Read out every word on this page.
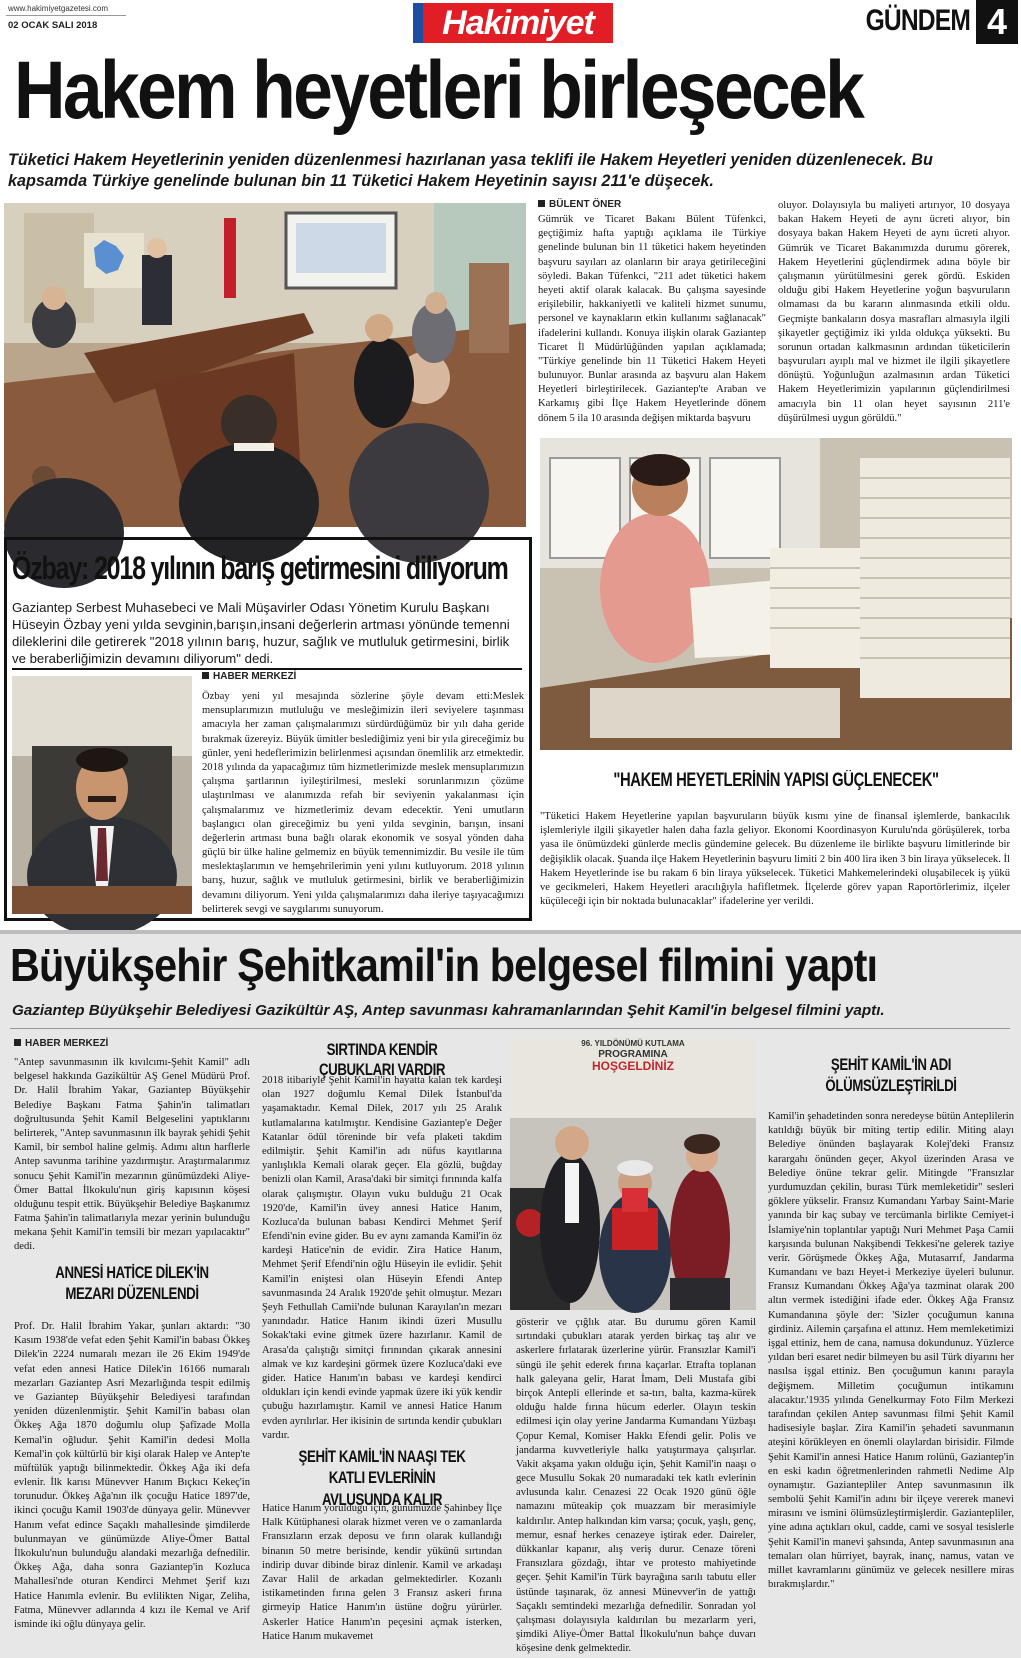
www.hakimiyetgazetesi.com
02 OCAK SALI 2018	Hakimiyet	GÜNDEM 4
Hakem heyetleri birleşecek
Tüketici Hakem Heyetlerinin yeniden düzenlenmesi hazırlanan yasa teklifi ile Hakem Heyetleri yeniden düzenlenecek. Bu kapsamda Türkiye genelinde bulunan bin 11 Tüketici Hakem Heyetinin sayısı 211'e düşecek.
BÜLENT ÖNER
Gümrük ve Ticaret Bakanı Bülent Tüfenkci, geçtiğimiz hafta yaptığı açıklama ile Türkiye genelinde bulunan bin 11 tüketici hakem heyetinden başvuru sayıları az olanların bir araya getirileceğini söyledi. Bakan Tüfenkci, "211 adet tüketici hakem heyeti aktif olarak kalacak. Bu çalışma sayesinde erişilebilir, hakkaniyetli ve kaliteli hizmet sunumu, personel ve kaynakların etkin kullanımı sağlanacak" ifadelerini kullandı. Konuya ilişkin olarak Gaziantep Ticaret İl Müdürlüğünden yapılan açıklamada; "Türkiye genelinde bin 11 Tüketici Hakem Heyeti bulunuyor. Bunlar arasında az başvuru alan Hakem Heyetleri birleştirilecek. Gaziantep'te Araban ve Karkamış gibi İlçe Hakem Heyetlerinde dönem dönem 5 ila 10 arasında değişen miktarda başvuru
oluyor. Dolayısıyla bu maliyeti artırıyor, 10 dosyaya bakan Hakem Heyeti de aynı ücreti alıyor, bin dosyaya bakan Hakem Heyeti de aynı ücreti alıyor. Gümrük ve Ticaret Bakanımızda durumu görerek, Hakem Heyetlerini güçlendirmek adına böyle bir çalışmanın yürütülmesini gerek gördü. Eskiden olduğu gibi Hakem Heyetlerine yoğun başvuruların olmaması da bu kararın alınmasında etkili oldu. Geçmişte bankaların dosya masrafları almasıyla ilgili şikayetler geçtiğimiz iki yılda oldukça yüksekti. Bu sorunun ortadan kalkmasının ardından tüketicilerin başvuruları ayıplı mal ve hizmet ile ilgili şikayetlere dönüştü. Yoğunluğun azalmasının ardan Tüketici Hakem Heyetlerimizin yapılarının güçlendirilmesi amacıyla bin 11 olan heyet sayısının 211'e düşürülmesi uygun görüldü."
"HAKEM HEYETLERİNİN YAPISI GÜÇLENECEK"
"Tüketici Hakem Heyetlerine yapılan başvuruların büyük kısmı yine de finansal işlemlerde, bankacılık işlemleriyle ilgili şikayetler halen daha fazla geliyor. Ekonomi Koordinasyon Kurulu'nda görüşülerek, torba yasa ile önümüzdeki günlerde meclis gündemine gelecek. Bu düzenleme ile birlikte başvuru limitlerinde bir değişiklik olacak. Şuanda ilçe Hakem Heyetlerinin başvuru limiti 2 bin 400 lira iken 3 bin liraya yükselecek. İl Hakem Heyetlerinde ise bu rakam 6 bin liraya yükselecek. Tüketici Mahkemelerindeki oluşabilecek iş yükü ve gecikmeleri, Hakem Heyetleri aracılığıyla hafifletmek. İlçelerde görev yapan Raportörlerimiz, ilçeler küçüleceği için bir noktada bulunacaklar" ifadelerine yer verildi.
Özbay: 2018 yılının barış getirmesini diliyorum
Gaziantep Serbest Muhasebeci ve Mali Müşavirler Odası Yönetim Kurulu Başkanı Hüseyin Özbay yeni yılda sevginin,barışın,insani değerlerin artması yönünde temenni dileklerini dile getirerek "2018 yılının barış, huzur, sağlık ve mutluluk getirmesini, birlik ve beraberliğimizin devamını diliyorum" dedi.
HABER MERKEZİ
Özbay yeni yıl mesajında sözlerine şöyle devam etti:Meslek mensuplarımızın mutluluğu ve mesleğimizin ileri seviyelere taşınması amacıyla her zaman çalışmalarımızı sürdürdüğümüz bir yılı daha geride bırakmak üzereyiz. Büyük ümitler beslediğimiz yeni bir yıla gireceğimiz bu günler, yeni hedeflerimizin belirlenmesi açısından önemlilik arz etmektedir. 2018 yılında da yapacağımız tüm hizmetlerimizde meslek mensuplarımızın çalışma şartlarının iyileştirilmesi, mesleki sorunlarımızın çözüme ulaştırılması ve alanımızda refah bir seviyenin yakalanması için çalışmalarımız ve hizmetlerimiz devam edecektir. Yeni umutların başlangıcı olan gireceğimiz bu yeni yılda sevginin, barışın, insani değerlerin artması buna bağlı olarak ekonomik ve sosyal yönden daha güçlü bir ülke haline gelmemiz en büyük temennimizdir. Bu vesile ile tüm meslektaşlarımın ve hemşehrilerimin yeni yılını kutluyorum. 2018 yılının barış, huzur, sağlık ve mutluluk getirmesini, birlik ve beraberliğimizin devamını diliyorum. Yeni yılda çalışmalarımızı daha ileriye taşıyacağımızı belirterek sevgi ve saygılarımı sunuyorum.
Büyükşehir Şehitkamil'in belgesel filmini yaptı
Gaziantep Büyükşehir Belediyesi Gazikültür AŞ, Antep savunması kahramanlarından Şehit Kamil'in belgesel filmini yaptı.
HABER MERKEZİ
"Antep savunmasının ilk kıvılcımı-Şehit Kamil" adlı belgesel hakkında Gazikültür AŞ Genel Müdürü Prof. Dr. Halil İbrahim Yakar, Gaziantep Büyükşehir Belediye Başkanı Fatma Şahin'in talimatları doğrultusunda Şehit Kamil Belgeselini yaptıklarını belirterek, "Antep savunmasının ilk bayrak şehidi Şehit Kamil, bir sembol haline gelmiş. Adımı altın harflerle Antep savunma tarihine yazdırmıştır. Araştırmalarımız sonucu Şehit Kamil'in mezarının günümüzdeki Aliye-Ömer Battal İlkokulu'nun giriş kapısının köşesi olduğunu tespit ettik. Büyükşehir Belediye Başkanımız Fatma Şahin'in talimatlarıyla mezar yerinin bulunduğu mekana Şehit Kamil'in temsili bir mezarı yapılacaktır" dedi.
ANNESİ HATİCE DİLEK'İN MEZARI DÜZENLENDİ
Prof. Dr. Halil İbrahim Yakar, şunları aktardı: "30 Kasım 1938'de vefat eden Şehit Kamil'in babası Ökkeş Dilek'in 2224 numaralı mezarı ile 26 Ekim 1949'de vefat eden annesi Hatice Dilek'in 16166 numaralı mezarları Gaziantep Asri Mezarlığında tespit edilmiş ve Gaziantep Büyükşehir Belediyesi tarafından yeniden düzenlenmiştir. Şehit Kamil'in babası olan Ökkeş Ağa 1870 doğumlu olup Şafîzade Molla Kemal'in oğludur. Şehit Kamil'in dedesi Molla Kemal'in çok kültürlü bir kişi olarak Halep ve Antep'te müftülük yaptığı bilinmektedir. Ökkeş Ağa iki defa evlenir. İlk karısı Münevver Hanım Bıçkıcı Kekeç'in torunudur. Ökkeş Ağa'nın ilk çocuğu Hatice 1897'de, ikinci çocuğu Kamil 1903'de dünyaya gelir. Münevver Hanım vefat edince Saçaklı mahallesinde şimdilerde bulunmayan ve günümüzde Aliye-Ömer Battal İlkokulu'nun bulunduğu alandaki mezarlığa defnedilir. Ökkeş Ağa, daha sonra Gaziantep'in Kozluca Mahallesi'nde oturan Kendirci Mehmet Şerif kızı Hatice Hanımla evlenir. Bu evlilikten Nigar, Zeliha, Fatma, Münevver adlarında 4 kızı ile Kemal ve Arif isminde iki oğlu dünyaya gelir.
SIRTINDA KENDİR ÇUBUKLARI VARDIR
2018 itibariyle Şehit Kamil'in hayatta kalan tek kardeşi olan 1927 doğumlu Kemal Dilek İstanbul'da yaşamaktadır. Kemal Dilek, 2017 yılı 25 Aralık kutlamalarına katılmıştır. Kendisine Gaziantep'e Değer Katanlar ödül töreninde bir vefa plaketi takdim edilmiştir. Şehit Kamil'in adı nüfus kayıtlarına yanlışlıkla Kemali olarak geçer. Ela gözlü, buğday benizli olan Kamil, Arasa'daki bir simitçi fırınında kalfa olarak çalışmıştır. Olayın vuku bulduğu 21 Ocak 1920'de, Kamil'in üvey annesi Hatice Hanım, Kozluca'da bulunan babası Kendirci Mehmet Şerif Efendi'nin evine gider. Bu ev aynı zamanda Kamil'in öz kardeşi Hatice'nin de evidir. Zira Hatice Hanım, Mehmet Şerif Efendi'nin oğlu Hüseyin ile evlidir. Şehit Kamil'in eniştesi olan Hüseyin Efendi Antep savunmasında 24 Aralık 1920'de şehit olmuştur. Mezarı Şeyh Fethullah Camii'nde bulunan Karayılan'ın mezarı yanındadır. Hatice Hanım ikindi üzeri Musullu Sokak'taki evine gitmek üzere hazırlanır. Kamil de Arasa'da çalıştığı simitçi fırınından çıkarak annesini almak ve kız kardeşini görmek üzere Kozluca'daki eve gider. Hatice Hanım'ın babası ve kardeşi kendirci oldukları için kendi evinde yapmak üzere iki yük kendir çubuğu hazırlamıştır. Kamil ve annesi Hatice Hanım evden ayrılırlar. Her ikisinin de sırtında kendir çubukları vardır.
ŞEHİT KAMİL'İN NAAŞI TEK KATLI EVLERİNİN AVLUSUNDA KALIR
Hatice Hanım yoruldugu için, günümüzde Şahinbey İlçe Halk Kütüphanesi olarak hizmet veren ve o zamanlarda Fransızların erzak deposu ve fırın olarak kullandığı binanın 50 metre berisinde, kendir yükünü sırtından indirip duvar dibinde biraz dinlenir. Kamil ve arkadaşı Zavar Halil de arkadan gelmektedirler. Kozanlı istikametinden fırına gelen 3 Fransız askeri fırına girmeyip Hatice Hanım'ın üstüne doğru yürürler. Askerler Hatice Hanım'ın peçesini açmak isterken, Hatice Hanım mukavemet
96. YILDÖNÜMÜ KUTLAMA
PROGRAMINA
HOŞGELDİNİZ
gösterir ve çığlık atar. Bu durumu gören Kamil sırtındaki çubukları atarak yerden birkaç taş alır ve askerlere fırlatarak üzerlerine yürür. Fransızlar Kamil'i süngü ile şehit ederek fırına kaçarlar. Etrafta toplanan halk galeyana gelir, Harat İmam, Deli Mustafa gibi birçok Antepli ellerinde et sa-tırı, balta, kazma-kürek olduğu halde fırına hücum ederler. Olayın teskin edilmesi için olay yerine Jandarma Kumandanı Yüzbaşı Çopur Kemal, Komiser Hakkı Efendi gelir. Polis ve jandarma kuvvetleriyle halkı yatıştırmaya çalışırlar. Vakit akşama yakın olduğu için, Şehit Kamil'in naaşı o gece Musullu Sokak 20 numaradaki tek katlı evlerinin avlusunda kalır. Cenazesi 22 Ocak 1920 günü öğle namazını müteakip çok muazzam bir merasimiyle kaldırılır. Antep halkından kim varsa; çocuk, yaşlı, genç, memur, esnaf herkes cenazeye iştirak eder. Daireler, dükkanlar kapanır, alış veriş durur. Cenaze töreni Fransızlara gözdağı, ihtar ve protesto mahiyetinde geçer. Şehit Kamil'in Türk bayrağına sarılı tabutu eller üstünde taşınarak, öz annesi Münevver'in de yattığı Saçaklı semtindeki mezarlığa defnedilir. Sonradan yol çalışması dolayısıyla kaldırılan bu mezarlarm yeri, şimdiki Aliye-Ömer Battal İlkokulu'nun bahçe duvarı köşesine denk gelmektedir.
ŞEHİT KAMİL'İN ADI ÖLÜMSÜZLEŞTİRİLDİ
Kamil'in şehadetinden sonra neredeyse bütün Anteplilerin katıldığı büyük bir miting tertip edilir. Miting alayı Belediye önünden başlayarak Kolej'deki Fransız karargahı önünden geçer, Akyol üzerinden Arasa ve Belediye önüne tekrar gelir. Mitingde "Fransızlar yurdumuzdan çekilin, burası Türk memleketidir" sesleri göklere yükselir. Fransız Kumandanı Yarbay Saint-Marie yanında bir kaç subay ve tercümanla birlikte Cemiyet-i İslamiye'nin toplantılar yaptığı Nuri Mehmet Paşa Camii karşısında bulunan Nakşibendi Tekkesi'ne gelerek taziye verir. Görüşmede Ökkeş Ağa, Mutasarrıf, Jandarma Kumandanı ve bazı Heyet-i Merkeziye üyeleri bulunur. Fransız Kumandanı Ökkeş Ağa'ya tazminat olarak 200 altın vermek istediğini ifade eder. Ökkeş Ağa Fransız Kumandanına şöyle der: 'Sizler çocuğumun kanına girdiniz. Ailemin çarşafına el attınız. Hem memleketimizi işgal ettiniz, hem de cana, namusa dokundunuz. Yüzlerce yıldan beri esaret nedir bilmeyen bu asil Türk diyarını her nasılsa işgal ettiniz. Ben çocuğumun kanını parayla değişmem. Milletim çocuğumun intikamını alacaktır.'1935 yılında Genelkurmay Foto Film Merkezi tarafından çekilen Antep savunması filmi Şehit Kamil hadisesiyle başlar. Zira Kamil'in şehadeti savunmanın ateşini körükleyen en önemli olaylardan birisidir. Filmde Şehit Kamil'in annesi Hatice Hanım rolünü, Gaziantep'in en eski kadın öğretmenlerinden rahmetli Nedime Alp oynamıştır. Gaziantepliler Antep savunmasının ilk sembolü Şehit Kamil'in adını bir ilçeye vererek manevi mirasını ve ismini ölümsüzleştirmişlerdir. Gaziantepliler, yine adına açtıkları okul, cadde, cami ve sosyal tesislerle Şehit Kamil'in manevi şahsında, Antep savunmasının ana temaları olan hürriyet, bayrak, inanç, namus, vatan ve millet kavramlarını günümüz ve gelecek nesillere miras bırakmışlardır."
